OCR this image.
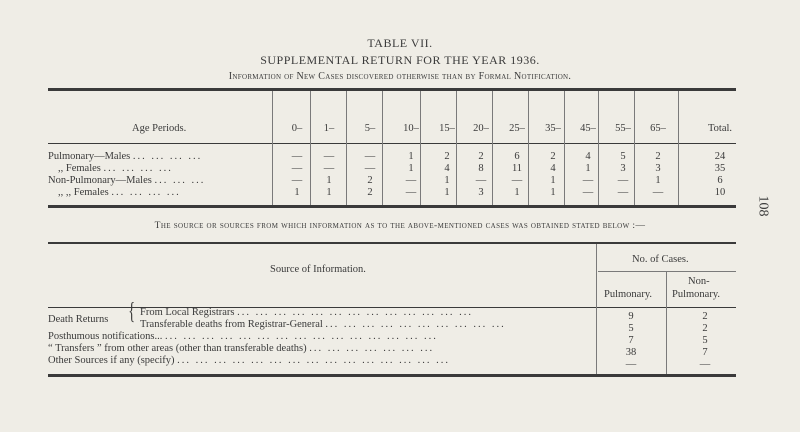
TABLE VII.
SUPPLEMENTAL RETURN FOR THE YEAR 1936.
Information of New Cases discovered otherwise than by Formal Notification.
Age Periods.	0–	1–	5–	10–	15–	20–	25–	35–	45–	55–	65–	Total.
Pulmonary—Males ... ... ... ...	—	—	—	1	2	2	6	2	4	5	2	24
,, Females ... ... ... ...	—	—	—	1	4	8	11	4	1	3	3	35
Non-Pulmonary—Males ... ... ...	—	1	2	—	1	—	—	1	—	—	1	6
,, ,, Females ... ... ... ...	1	1	2	—	1	3	1	1	—	—	—	10
The source or sources from which information as to the above-mentioned cases was obtained stated below :—
Source of Information.
No. of Cases.
Pulmonary.
Non-
Pulmonary.
Death Returns { From Local Registrars ... ... ... ... ... ... ... ... ... ... ... ... ...	9	2
Transferable deaths from Registrar-General ... ... ... ... ... ... ... ... ... ...	5	2
Posthumous notifications... ... ... ... ... ... ... ... ... ... ... ... ... ... ... ...	7	5
“ Transfers ” from other areas (other than transferable deaths) ... ... ... ... ... ... ...	38	7
Other Sources if any (specify) ... ... ... ... ... ... ... ... ... ... ... ... ... ... ...	—	—
108
